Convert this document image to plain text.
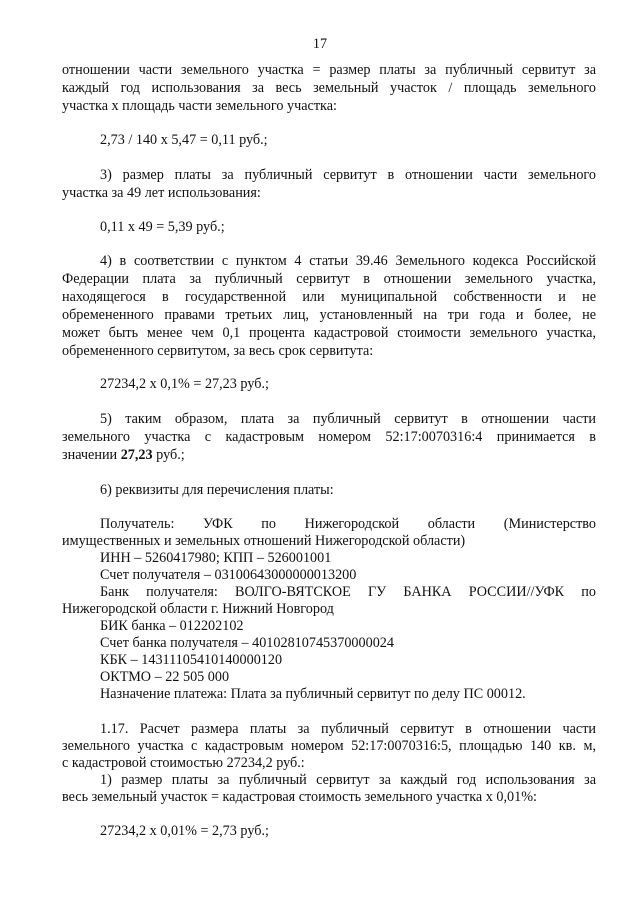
17
отношении части земельного участка = размер платы за публичный сервитут за
каждый год использования за весь земельный участок / площадь земельного
участка х площадь части земельного участка:
2,73 / 140 х 5,47 = 0,11 руб.;
3) размер платы за публичный сервитут в отношении части земельного
участка за 49 лет использования:
0,11 х 49 = 5,39 руб.;
4) в соответствии с пунктом 4 статьи 39.46 Земельного кодекса Российской
Федерации плата за публичный сервитут в отношении земельного участка,
находящегося в государственной или муниципальной собственности и не
обремененного правами третьих лиц, установленный на три года и более, не
может быть менее чем 0,1 процента кадастровой стоимости земельного участка,
обремененного сервитутом, за весь срок сервитута:
27234,2 х 0,1% = 27,23 руб.;
5) таким образом, плата за публичный сервитут в отношении части
земельного участка с кадастровым номером 52:17:0070316:4 принимается в
значении 27,23 руб.;
6) реквизиты для перечисления платы:
Получатель: УФК по Нижегородской области (Министерство
имущественных и земельных отношений Нижегородской области)
ИНН – 5260417980; КПП – 526001001
Счет получателя – 03100643000000013200
Банк получателя: ВОЛГО-ВЯТСКОЕ ГУ БАНКА РОССИИ//УФК по
Нижегородской области г. Нижний Новгород
БИК банка – 012202102
Счет банка получателя – 40102810745370000024
КБК – 14311105410140000120
ОКТМО – 22 505 000
Назначение платежа: Плата за публичный сервитут по делу ПС 00012.
1.17. Расчет размера платы за публичный сервитут в отношении части
земельного участка с кадастровым номером 52:17:0070316:5, площадью 140 кв. м,
с кадастровой стоимостью 27234,2 руб.:
1) размер платы за публичный сервитут за каждый год использования за
весь земельный участок = кадастровая стоимость земельного участка х 0,01%:
27234,2 х 0,01% = 2,73 руб.;
